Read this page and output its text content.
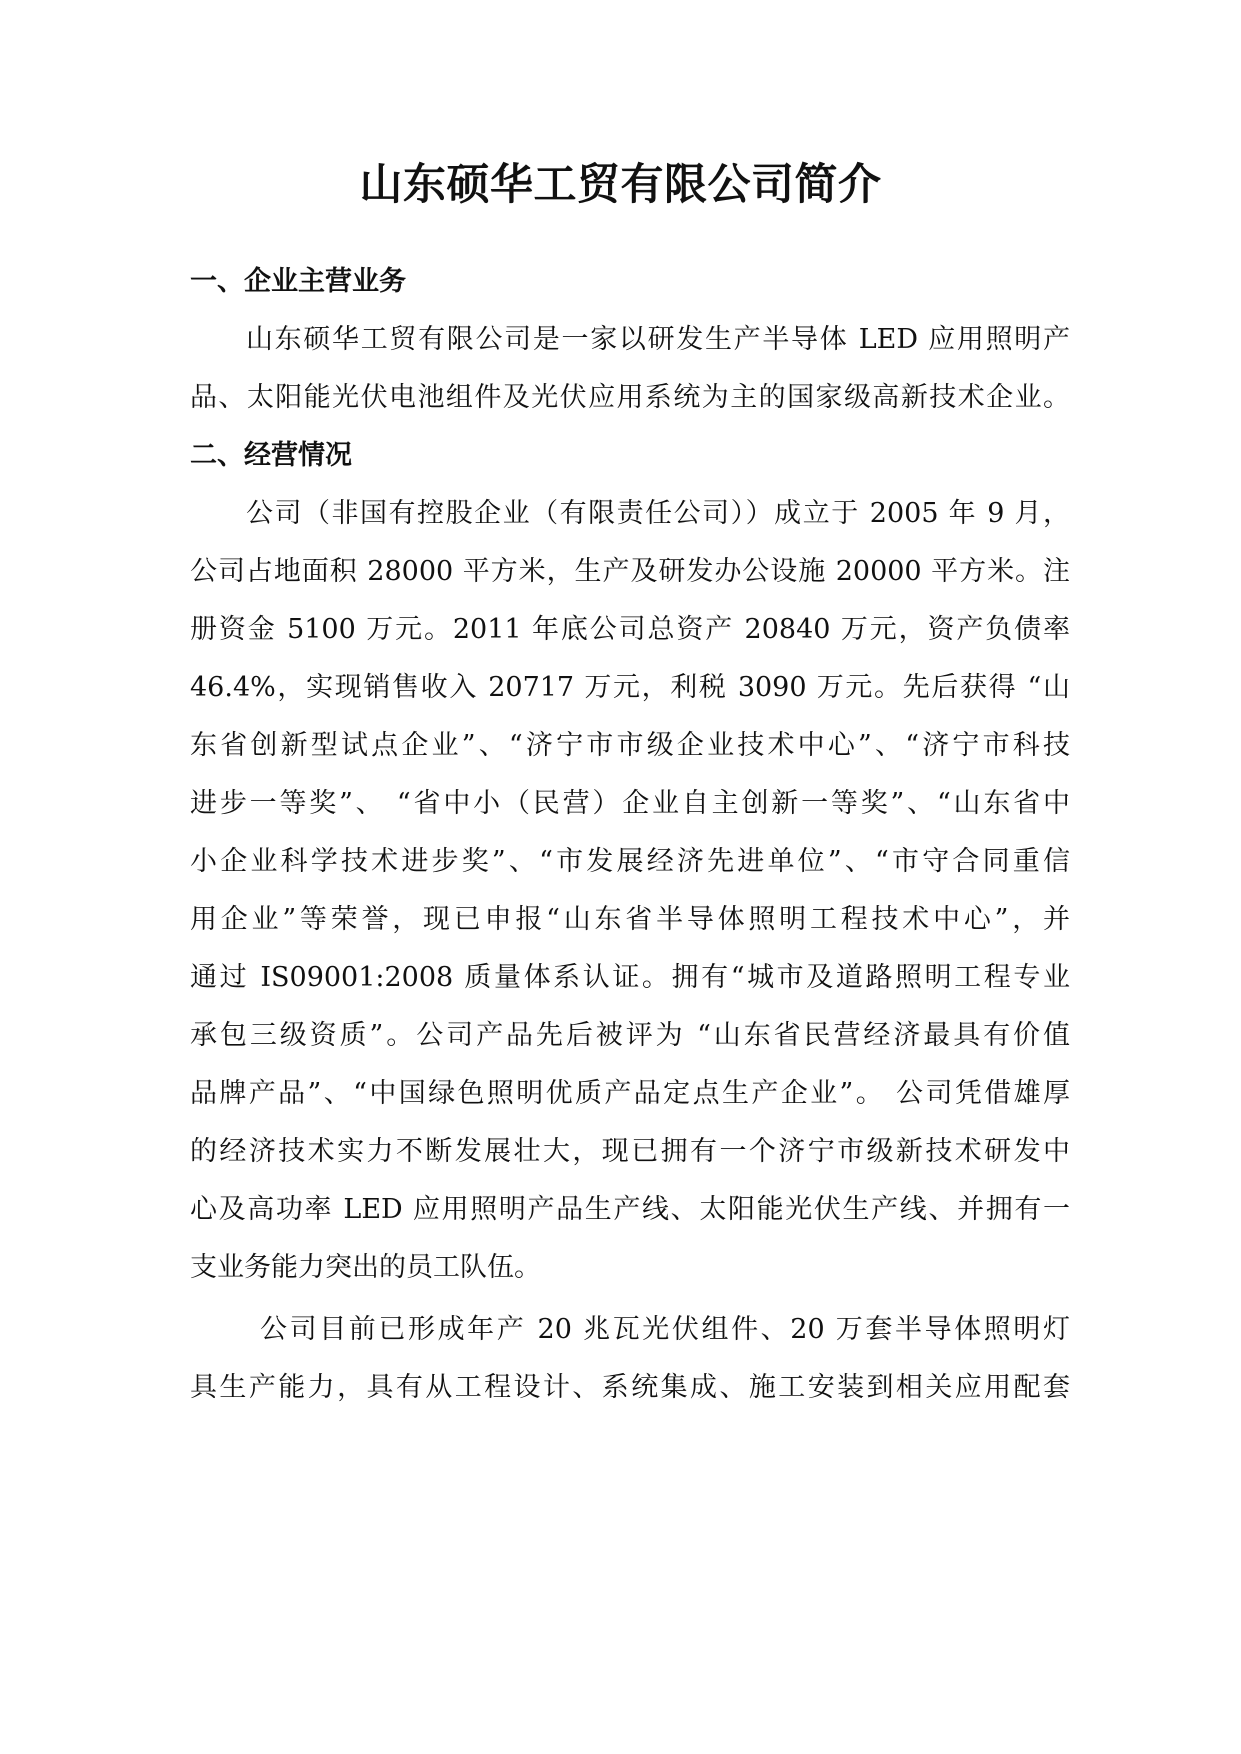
山东硕华工贸有限公司简介
一、企业主营业务

山东硕华工贸有限公司是一家以研发生产半导体 LED 应用照明产

品、太阳能光伏电池组件及光伏应用系统为主的国家级高新技术企业。

二、经营情况

公司（非国有控股企业（有限责任公司））成立于 2005 年 9 月，

公司占地面积 28000 平方米，生产及研发办公设施 20000 平方米。注

册资金 5100 万元。2011 年底公司总资产 20840 万元，资产负债率

46.4%，实现销售收入 20717 万元，利税 3090 万元。先后获得 “山

东省创新型试点企业”、“济宁市市级企业技术中心”、“济宁市科技

进步一等奖”、 “省中小（民营）企业自主创新一等奖”、“山东省中

小企业科学技术进步奖”、“市发展经济先进单位”、“市守合同重信

用企业”等荣誉，现已申报“山东省半导体照明工程技术中心”，并

通过 IS09001:2008 质量体系认证。拥有“城市及道路照明工程专业

承包三级资质”。公司产品先后被评为 “山东省民营经济最具有价值

品牌产品”、“中国绿色照明优质产品定点生产企业”。 公司凭借雄厚

的经济技术实力不断发展壮大，现已拥有一个济宁市级新技术研发中

心及高功率 LED 应用照明产品生产线、太阳能光伏生产线、并拥有一

支业务能力突出的员工队伍。

公司目前已形成年产 20 兆瓦光伏组件、20 万套半导体照明灯

具生产能力，具有从工程设计、系统集成、施工安装到相关应用配套
